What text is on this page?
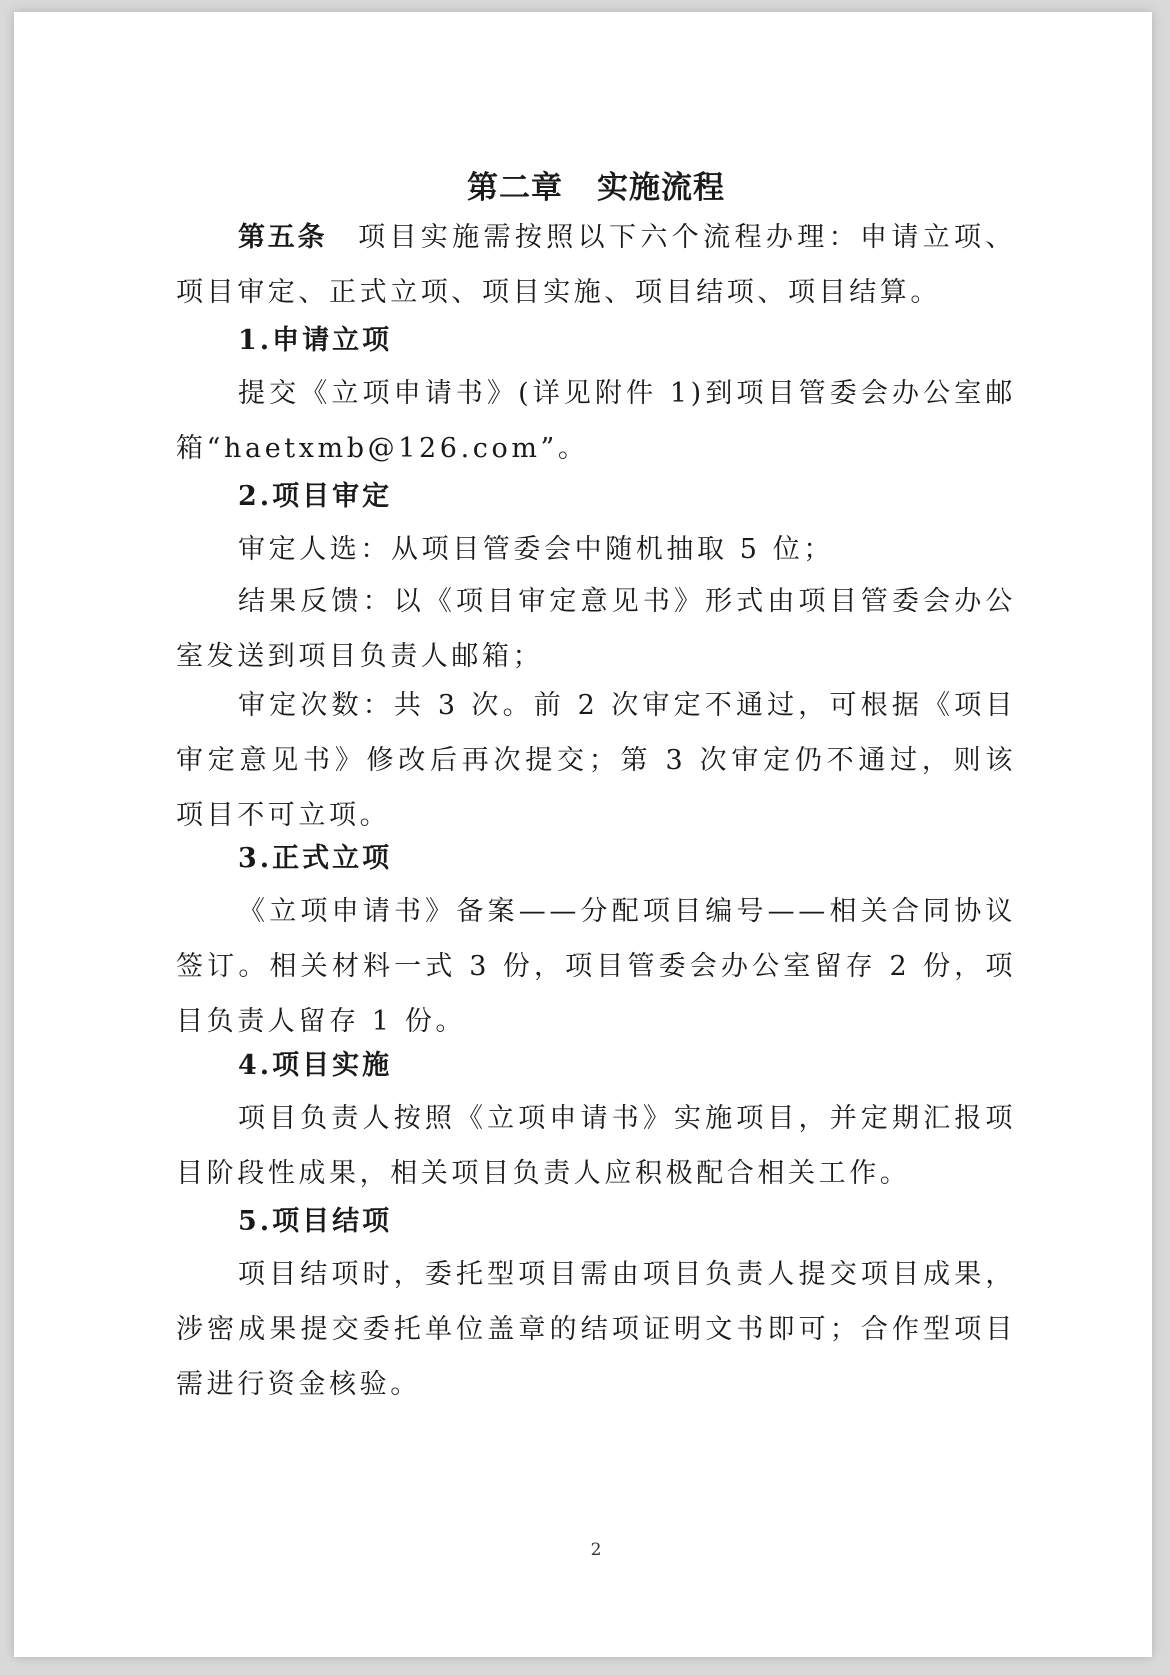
第二章 实施流程

第五条 项目实施需按照以下六个流程办理：申请立项、项目审定、正式立项、项目实施、项目结项、项目结算。

1.申请立项

提交《立项申请书》(详见附件 1)到项目管委会办公室邮箱“haetxmb@126.com”。

2.项目审定

审定人选：从项目管委会中随机抽取 5 位；

结果反馈：以《项目审定意见书》形式由项目管委会办公室发送到项目负责人邮箱；

审定次数：共 3 次。前 2 次审定不通过，可根据《项目审定意见书》修改后再次提交；第 3 次审定仍不通过，则该项目不可立项。

3.正式立项

《立项申请书》备案——分配项目编号——相关合同协议签订。相关材料一式 3 份，项目管委会办公室留存 2 份，项目负责人留存 1 份。

4.项目实施

项目负责人按照《立项申请书》实施项目，并定期汇报项目阶段性成果，相关项目负责人应积极配合相关工作。

5.项目结项

项目结项时，委托型项目需由项目负责人提交项目成果，涉密成果提交委托单位盖章的结项证明文书即可；合作型项目需进行资金核验。

2
